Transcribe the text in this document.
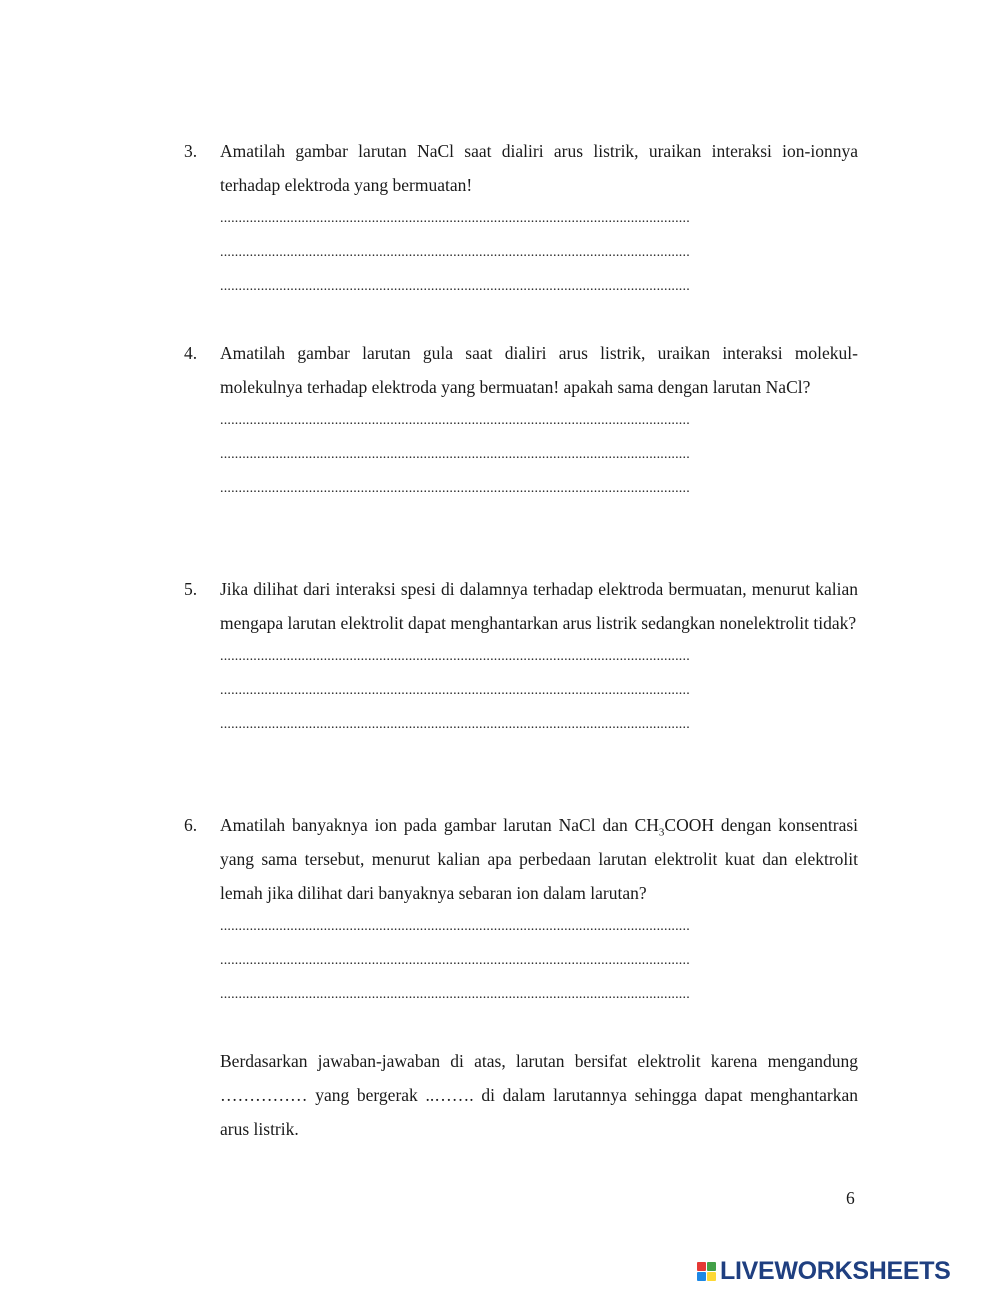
3.	Amatilah gambar larutan NaCl saat dialiri arus listrik, uraikan interaksi ion-ionnya terhadap elektroda yang bermuatan!
...............................................................................................................................
...............................................................................................................................
...............................................................................................................................
4.	Amatilah gambar larutan gula saat dialiri arus listrik, uraikan interaksi molekul-molekulnya terhadap elektroda yang bermuatan! apakah sama dengan larutan NaCl?
...............................................................................................................................
...............................................................................................................................
...............................................................................................................................
5.	Jika dilihat dari interaksi spesi di dalamnya terhadap elektroda bermuatan, menurut kalian mengapa larutan elektrolit dapat menghantarkan arus listrik sedangkan nonelektrolit tidak?
...............................................................................................................................
...............................................................................................................................
...............................................................................................................................
6.	Amatilah banyaknya ion pada gambar larutan NaCl dan $CH_3COOH$ dengan konsentrasi yang sama tersebut, menurut kalian apa perbedaan larutan elektrolit kuat dan elektrolit lemah jika dilihat dari banyaknya sebaran ion dalam larutan?
...............................................................................................................................
...............................................................................................................................
...............................................................................................................................
Berdasarkan jawaban-jawaban di atas, larutan bersifat elektrolit karena mengandung …………… yang bergerak ..……. di dalam larutannya sehingga dapat menghantarkan arus listrik.
6
LIVEWORKSHEETS
